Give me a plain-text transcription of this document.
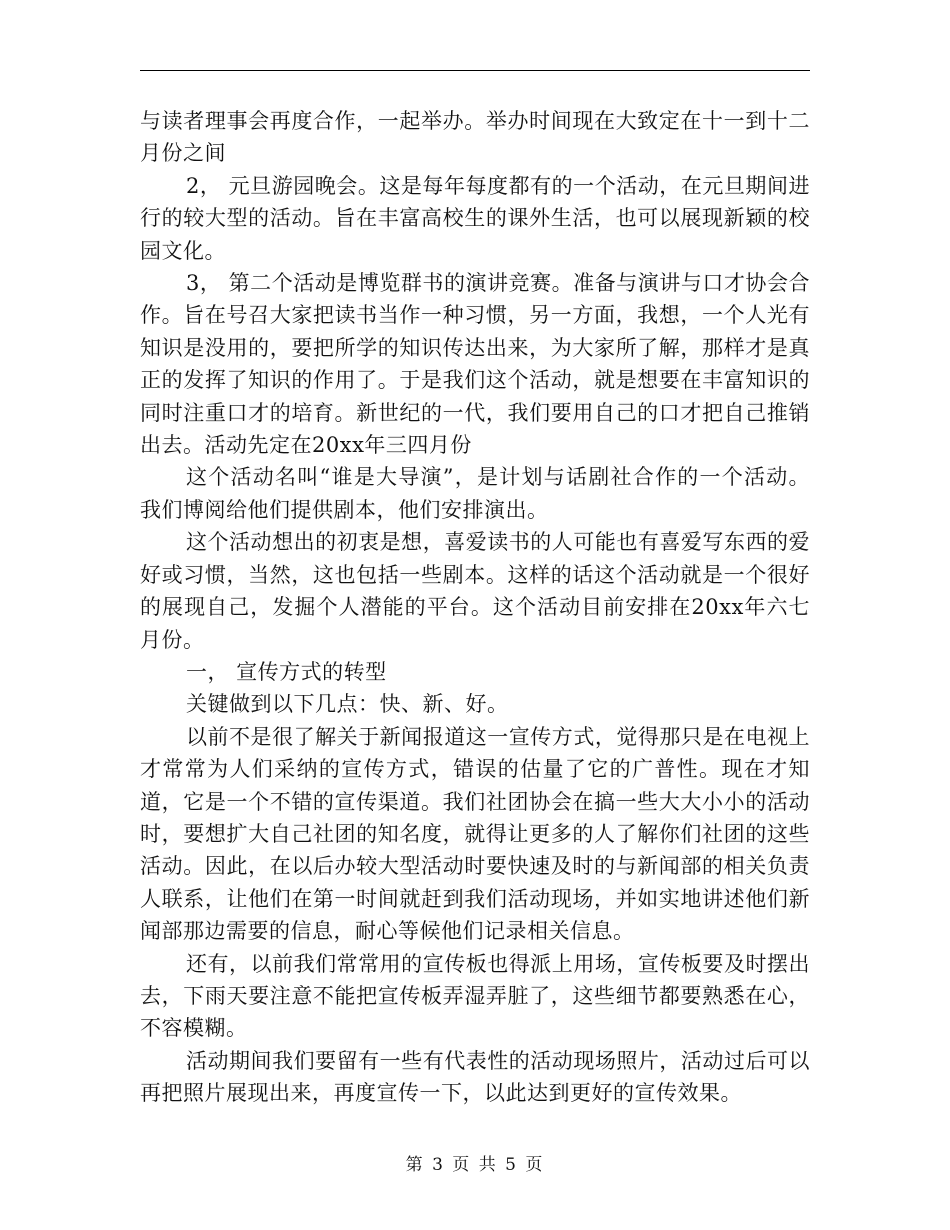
与读者理事会再度合作，一起举办。举办时间现在大致定在十一到十二月份之间

2， 元旦游园晚会。这是每年每度都有的一个活动，在元旦期间进行的较大型的活动。旨在丰富高校生的课外生活，也可以展现新颖的校园文化。

3， 第二个活动是博览群书的演讲竞赛。准备与演讲与口才协会合作。旨在号召大家把读书当作一种习惯，另一方面，我想，一个人光有知识是没用的，要把所学的知识传达出来，为大家所了解，那样才是真正的发挥了知识的作用了。于是我们这个活动，就是想要在丰富知识的同时注重口才的培育。新世纪的一代，我们要用自己的口才把自己推销出去。活动先定在20xx年三四月份

这个活动名叫“谁是大导演”，是计划与话剧社合作的一个活动。我们博阅给他们提供剧本，他们安排演出。

这个活动想出的初衷是想，喜爱读书的人可能也有喜爱写东西的爱好或习惯，当然，这也包括一些剧本。这样的话这个活动就是一个很好的展现自己，发掘个人潜能的平台。这个活动目前安排在20xx年六七月份。

一， 宣传方式的转型

关键做到以下几点：快、新、好。

以前不是很了解关于新闻报道这一宣传方式，觉得那只是在电视上才常常为人们采纳的宣传方式，错误的估量了它的广普性。现在才知道，它是一个不错的宣传渠道。我们社团协会在搞一些大大小小的活动时，要想扩大自己社团的知名度，就得让更多的人了解你们社团的这些活动。因此，在以后办较大型活动时要快速及时的与新闻部的相关负责人联系，让他们在第一时间就赶到我们活动现场，并如实地讲述他们新闻部那边需要的信息，耐心等候他们记录相关信息。

还有，以前我们常常用的宣传板也得派上用场，宣传板要及时摆出去，下雨天要注意不能把宣传板弄湿弄脏了，这些细节都要熟悉在心，不容模糊。

活动期间我们要留有一些有代表性的活动现场照片，活动过后可以再把照片展现出来，再度宣传一下，以此达到更好的宣传效果。

第 3 页 共 5 页
